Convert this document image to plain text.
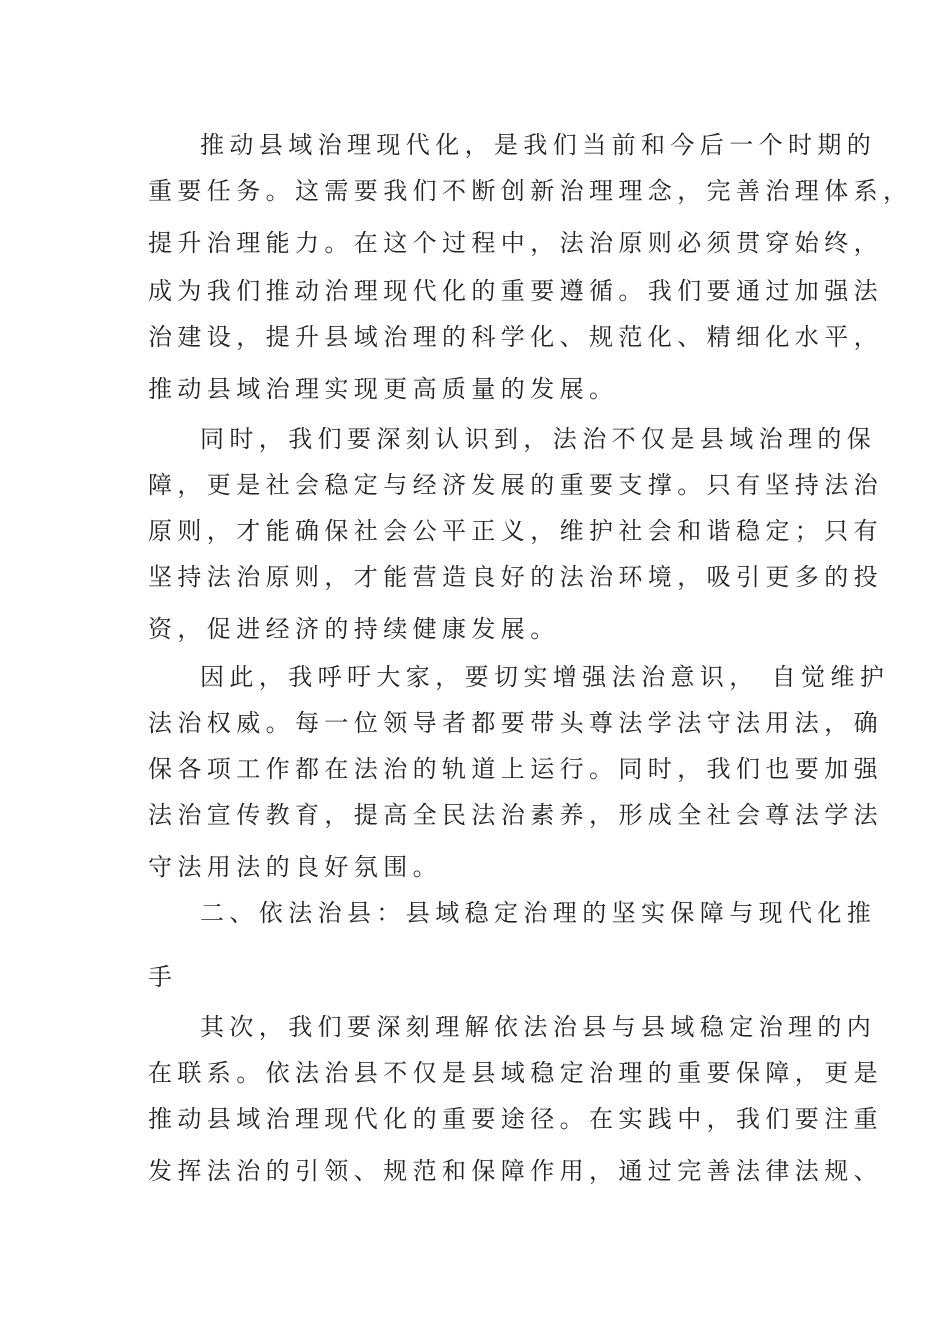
推动县域治理现代化，是我们当前和今后一个时期的
重要任务。这需要我们不断创新治理理念，完善治理体系，
提升治理能力。在这个过程中，法治原则必须贯穿始终，
成为我们推动治理现代化的重要遵循。我们要通过加强法
治建设，提升县域治理的科学化、规范化、精细化水平，
推动县域治理实现更高质量的发展。
同时，我们要深刻认识到，法治不仅是县域治理的保
障，更是社会稳定与经济发展的重要支撑。只有坚持法治
原则，才能确保社会公平正义，维护社会和谐稳定；只有
坚持法治原则，才能营造良好的法治环境，吸引更多的投
资，促进经济的持续健康发展。
因此，我呼吁大家，要切实增强法治意识， 自觉维护
法治权威。每一位领导者都要带头尊法学法守法用法，确
保各项工作都在法治的轨道上运行。同时，我们也要加强
法治宣传教育，提高全民法治素养，形成全社会尊法学法
守法用法的良好氛围。
二、依法治县：县域稳定治理的坚实保障与现代化推
手
其次，我们要深刻理解依法治县与县域稳定治理的内
在联系。依法治县不仅是县域稳定治理的重要保障，更是
推动县域治理现代化的重要途径。在实践中，我们要注重
发挥法治的引领、规范和保障作用，通过完善法律法规、
